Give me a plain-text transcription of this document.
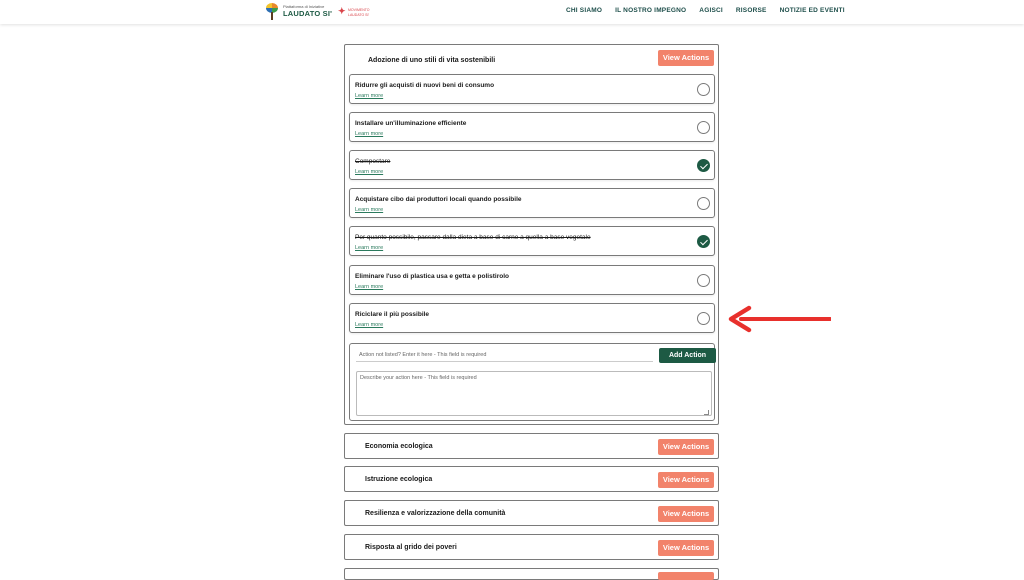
Piattaforma di Iniziative
LAUDATO SI' ✦ MOVIMENTO
LAUDATO SI'
CHI SIAMO IL NOSTRO IMPEGNO AGISCI RISORSE NOTIZIE ED EVENTI
Adozione di uno stili di vita sostenibili	View Actions
Ridurre gli acquisti di nuovi beni di consumo
Learn more
Installare un'illuminazione efficiente
Learn more
Compostare
Learn more
Acquistare cibo dai produttori locali quando possibile
Learn more
Per quanto possibile, passare dalla dieta a base di carne a quella a base vegetale
Learn more
Eliminare l'uso di plastica usa e getta e polistirolo
Learn more
Riciclare il più possibile
Learn more
Action not listed? Enter it here - This field is required
Add Action
Describe your action here - This field is required
Economia ecologica	View Actions
Istruzione ecologica	View Actions
Resilienza e valorizzazione della comunità	View Actions
Risposta al grido dei poveri	View Actions
